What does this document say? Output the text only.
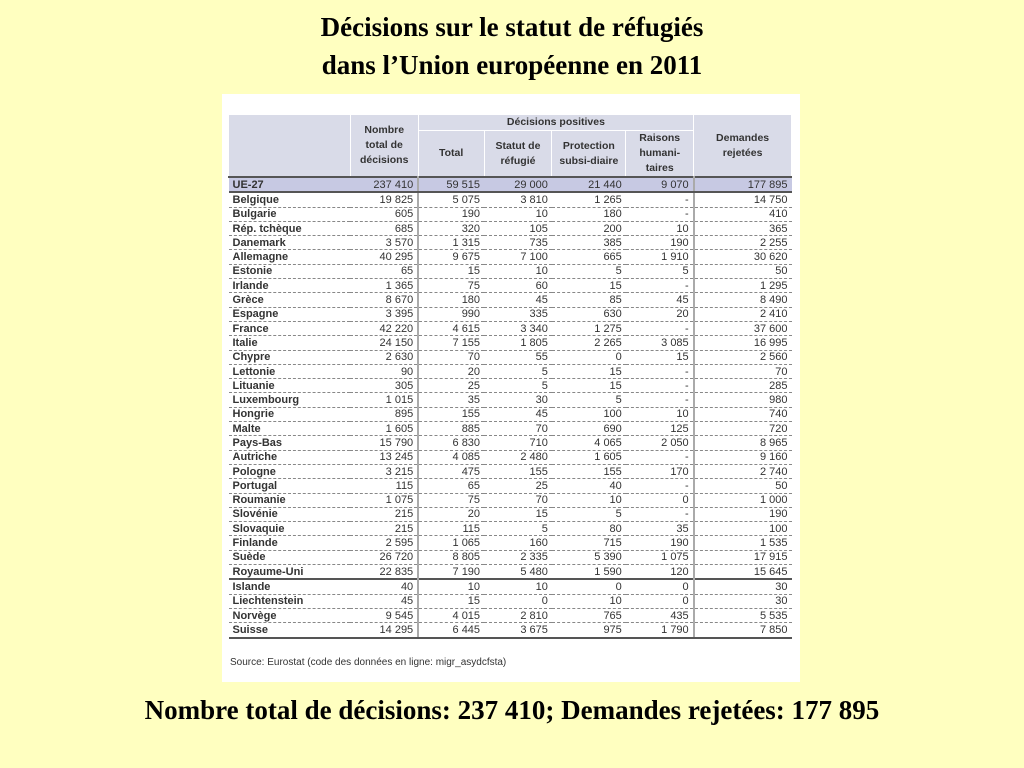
Décisions sur le statut de réfugiés
dans l’Union européenne en 2011
	Nombre total de décisions	Décisions positives				Demandes rejetées
		Total	Statut de réfugié	Protection subsi-diaire	Raisons humani-taires	
UE-27	237 410	59 515	29 000	21 440	9 070	177 895
Belgique	19 825	5 075	3 810	1 265	-	14 750
Bulgarie	605	190	10	180	-	410
Rép. tchèque	685	320	105	200	10	365
Danemark	3 570	1 315	735	385	190	2 255
Allemagne	40 295	9 675	7 100	665	1 910	30 620
Estonie	65	15	10	5	5	50
Irlande	1 365	75	60	15	-	1 295
Grèce	8 670	180	45	85	45	8 490
Espagne	3 395	990	335	630	20	2 410
France	42 220	4 615	3 340	1 275	-	37 600
Italie	24 150	7 155	1 805	2 265	3 085	16 995
Chypre	2 630	70	55	0	15	2 560
Lettonie	90	20	5	15	-	70
Lituanie	305	25	5	15	-	285
Luxembourg	1 015	35	30	5	-	980
Hongrie	895	155	45	100	10	740
Malte	1 605	885	70	690	125	720
Pays-Bas	15 790	6 830	710	4 065	2 050	8 965
Autriche	13 245	4 085	2 480	1 605	-	9 160
Pologne	3 215	475	155	155	170	2 740
Portugal	115	65	25	40	-	50
Roumanie	1 075	75	70	10	0	1 000
Slovénie	215	20	15	5	-	190
Slovaquie	215	115	5	80	35	100
Finlande	2 595	1 065	160	715	190	1 535
Suède	26 720	8 805	2 335	5 390	1 075	17 915
Royaume-Uni	22 835	7 190	5 480	1 590	120	15 645
Islande	40	10	10	0	0	30
Liechtenstein	45	15	0	10	0	30
Norvège	9 545	4 015	2 810	765	435	5 535
Suisse	14 295	6 445	3 675	975	1 790	7 850
Source: Eurostat (code des données en ligne: migr_asydcfsta)
Nombre total de décisions: 237 410; Demandes rejetées: 177 895
